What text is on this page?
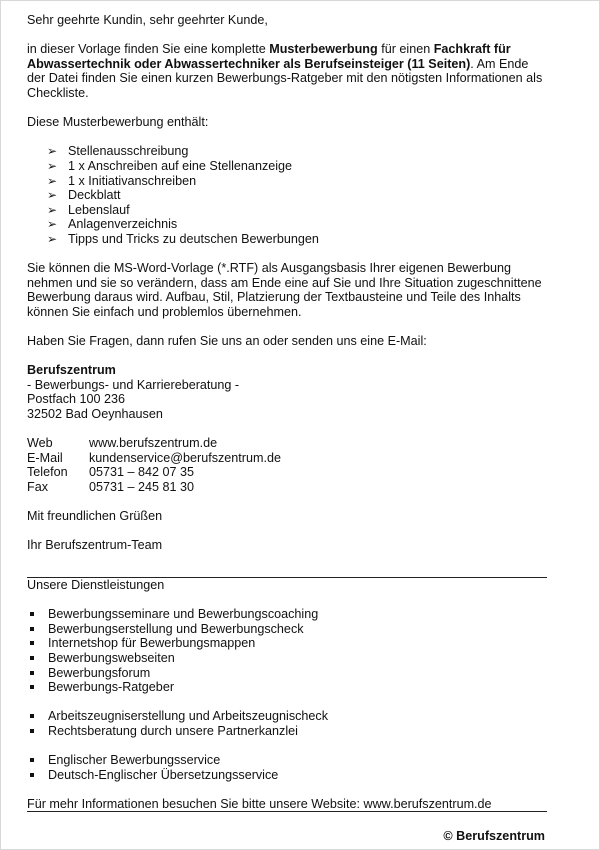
Sehr geehrte Kundin, sehr geehrter Kunde,

in dieser Vorlage finden Sie eine komplette Musterbewerbung für einen Fachkraft für Abwassertechnik oder Abwassertechniker als Berufseinsteiger (11 Seiten). Am Ende der Datei finden Sie einen kurzen Bewerbungs-Ratgeber mit den nötigsten Informationen als Checkliste.

Diese Musterbewerbung enthält:

➢ Stellenausschreibung
➢ 1 x Anschreiben auf eine Stellenanzeige
➢ 1 x Initiativanschreiben
➢ Deckblatt
➢ Lebenslauf
➢ Anlagenverzeichnis
➢ Tipps und Tricks zu deutschen Bewerbungen

Sie können die MS-Word-Vorlage (*.RTF) als Ausgangsbasis Ihrer eigenen Bewerbung nehmen und sie so verändern, dass am Ende eine auf Sie und Ihre Situation zugeschnittene Bewerbung daraus wird. Aufbau, Stil, Platzierung der Textbausteine und Teile des Inhalts können Sie einfach und problemlos übernehmen.

Haben Sie Fragen, dann rufen Sie uns an oder senden uns eine E-Mail:

Berufszentrum

- Bewerbungs- und Karriereberatung -

Postfach 100 236

32502 Bad Oeynhausen

Web	www.berufszentrum.de
E-Mail	kundenservice@berufszentrum.de
Telefon	05731 – 842 07 35
Fax	05731 – 245 81 30

Mit freundlichen Grüßen

Ihr Berufszentrum-Team

Unsere Dienstleistungen

Bewerbungsseminare und Bewerbungscoaching
Bewerbungserstellung und Bewerbungscheck
Internetshop für Bewerbungsmappen
Bewerbungswebseiten
Bewerbungsforum
Bewerbungs-Ratgeber
Arbeitszeugniserstellung und Arbeitszeugnischeck
Rechtsberatung durch unsere Partnerkanzlei
Englischer Bewerbungsservice
Deutsch-Englischer Übersetzungsservice

Für mehr Informationen besuchen Sie bitte unsere Website: www.berufszentrum.de

© Berufszentrum
